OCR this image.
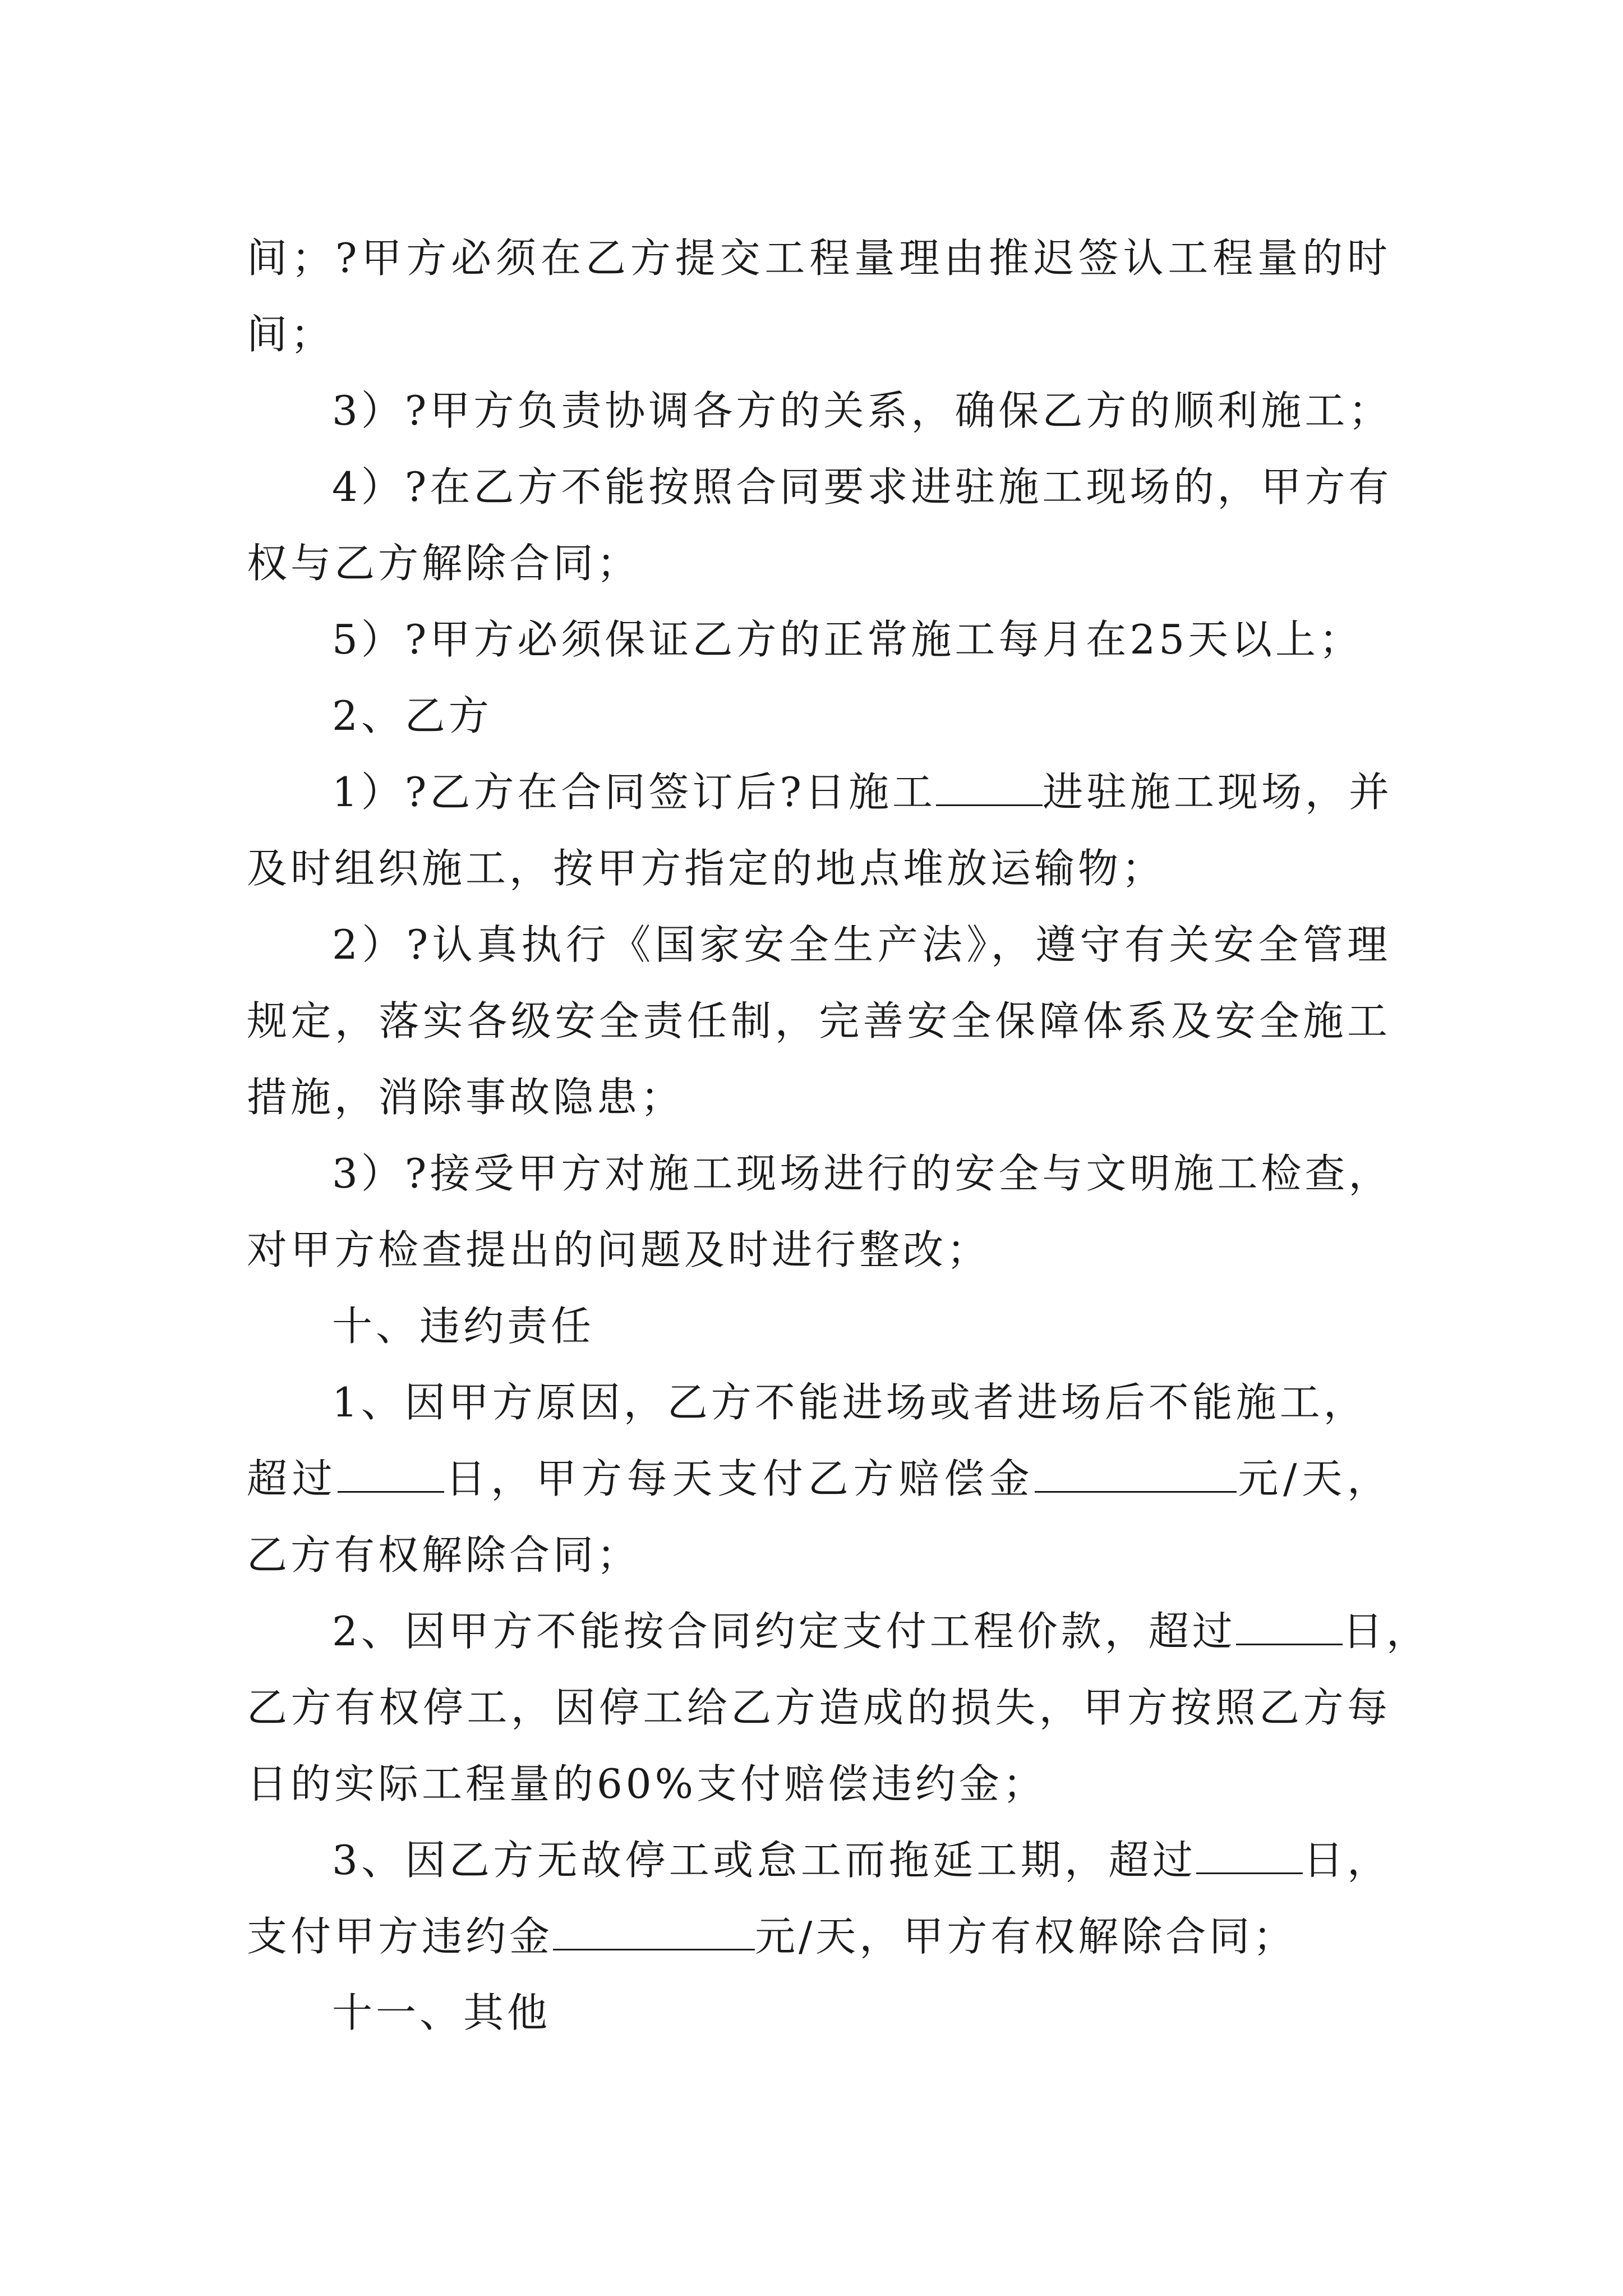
间；?甲方必须在乙方提交工程量理由推迟签认工程量的时
间；
3）?甲方负责协调各方的关系，确保乙方的顺利施工；
4）?在乙方不能按照合同要求进驻施工现场的，甲方有
权与乙方解除合同；
5）?甲方必须保证乙方的正常施工每月在25天以上；
2、乙方
1）?乙方在合同签订后?日施工	进驻施工现场，并
及时组织施工，按甲方指定的地点堆放运输物；
2）?认真执行《国家安全生产法》，遵守有关安全管理
规定，落实各级安全责任制，完善安全保障体系及安全施工
措施，消除事故隐患；
3）?接受甲方对施工现场进行的安全与文明施工检查，
对甲方检查提出的问题及时进行整改；
十、违约责任
1、因甲方原因，乙方不能进场或者进场后不能施工，
超过	日，甲方每天支付乙方赔偿金	元/天，
乙方有权解除合同；
2、因甲方不能按合同约定支付工程价款，超过	日，
乙方有权停工，因停工给乙方造成的损失，甲方按照乙方每
日的实际工程量的60%支付赔偿违约金；
3、因乙方无故停工或怠工而拖延工期，超过	日，
支付甲方违约金	元/天，甲方有权解除合同；
十一、其他
